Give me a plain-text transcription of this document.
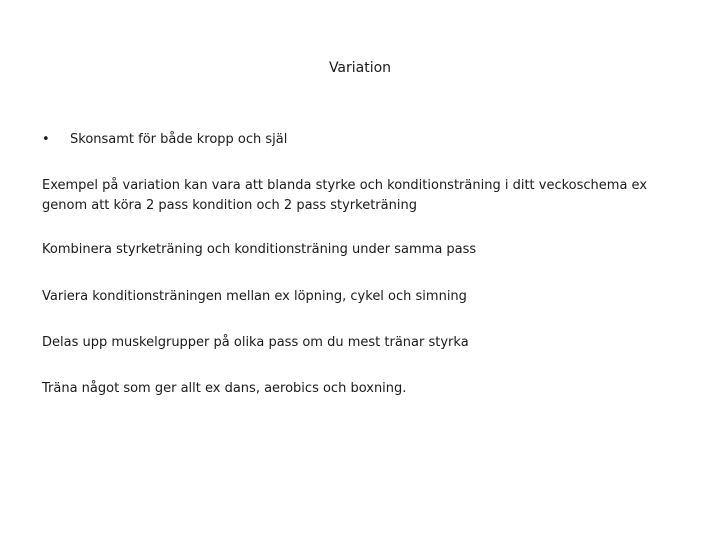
Variation
•	Skonsamt för både kropp och själ

Exempel på variation kan vara att blanda styrke och konditionsträning i ditt veckoschema ex genom att köra 2 pass kondition och 2 pass styrketräning

Kombinera styrketräning och konditionsträning under samma pass

Variera konditionsträningen mellan ex löpning, cykel och simning

Delas upp muskelgrupper på olika pass om du mest tränar styrka

Träna något som ger allt ex dans, aerobics och boxning.
